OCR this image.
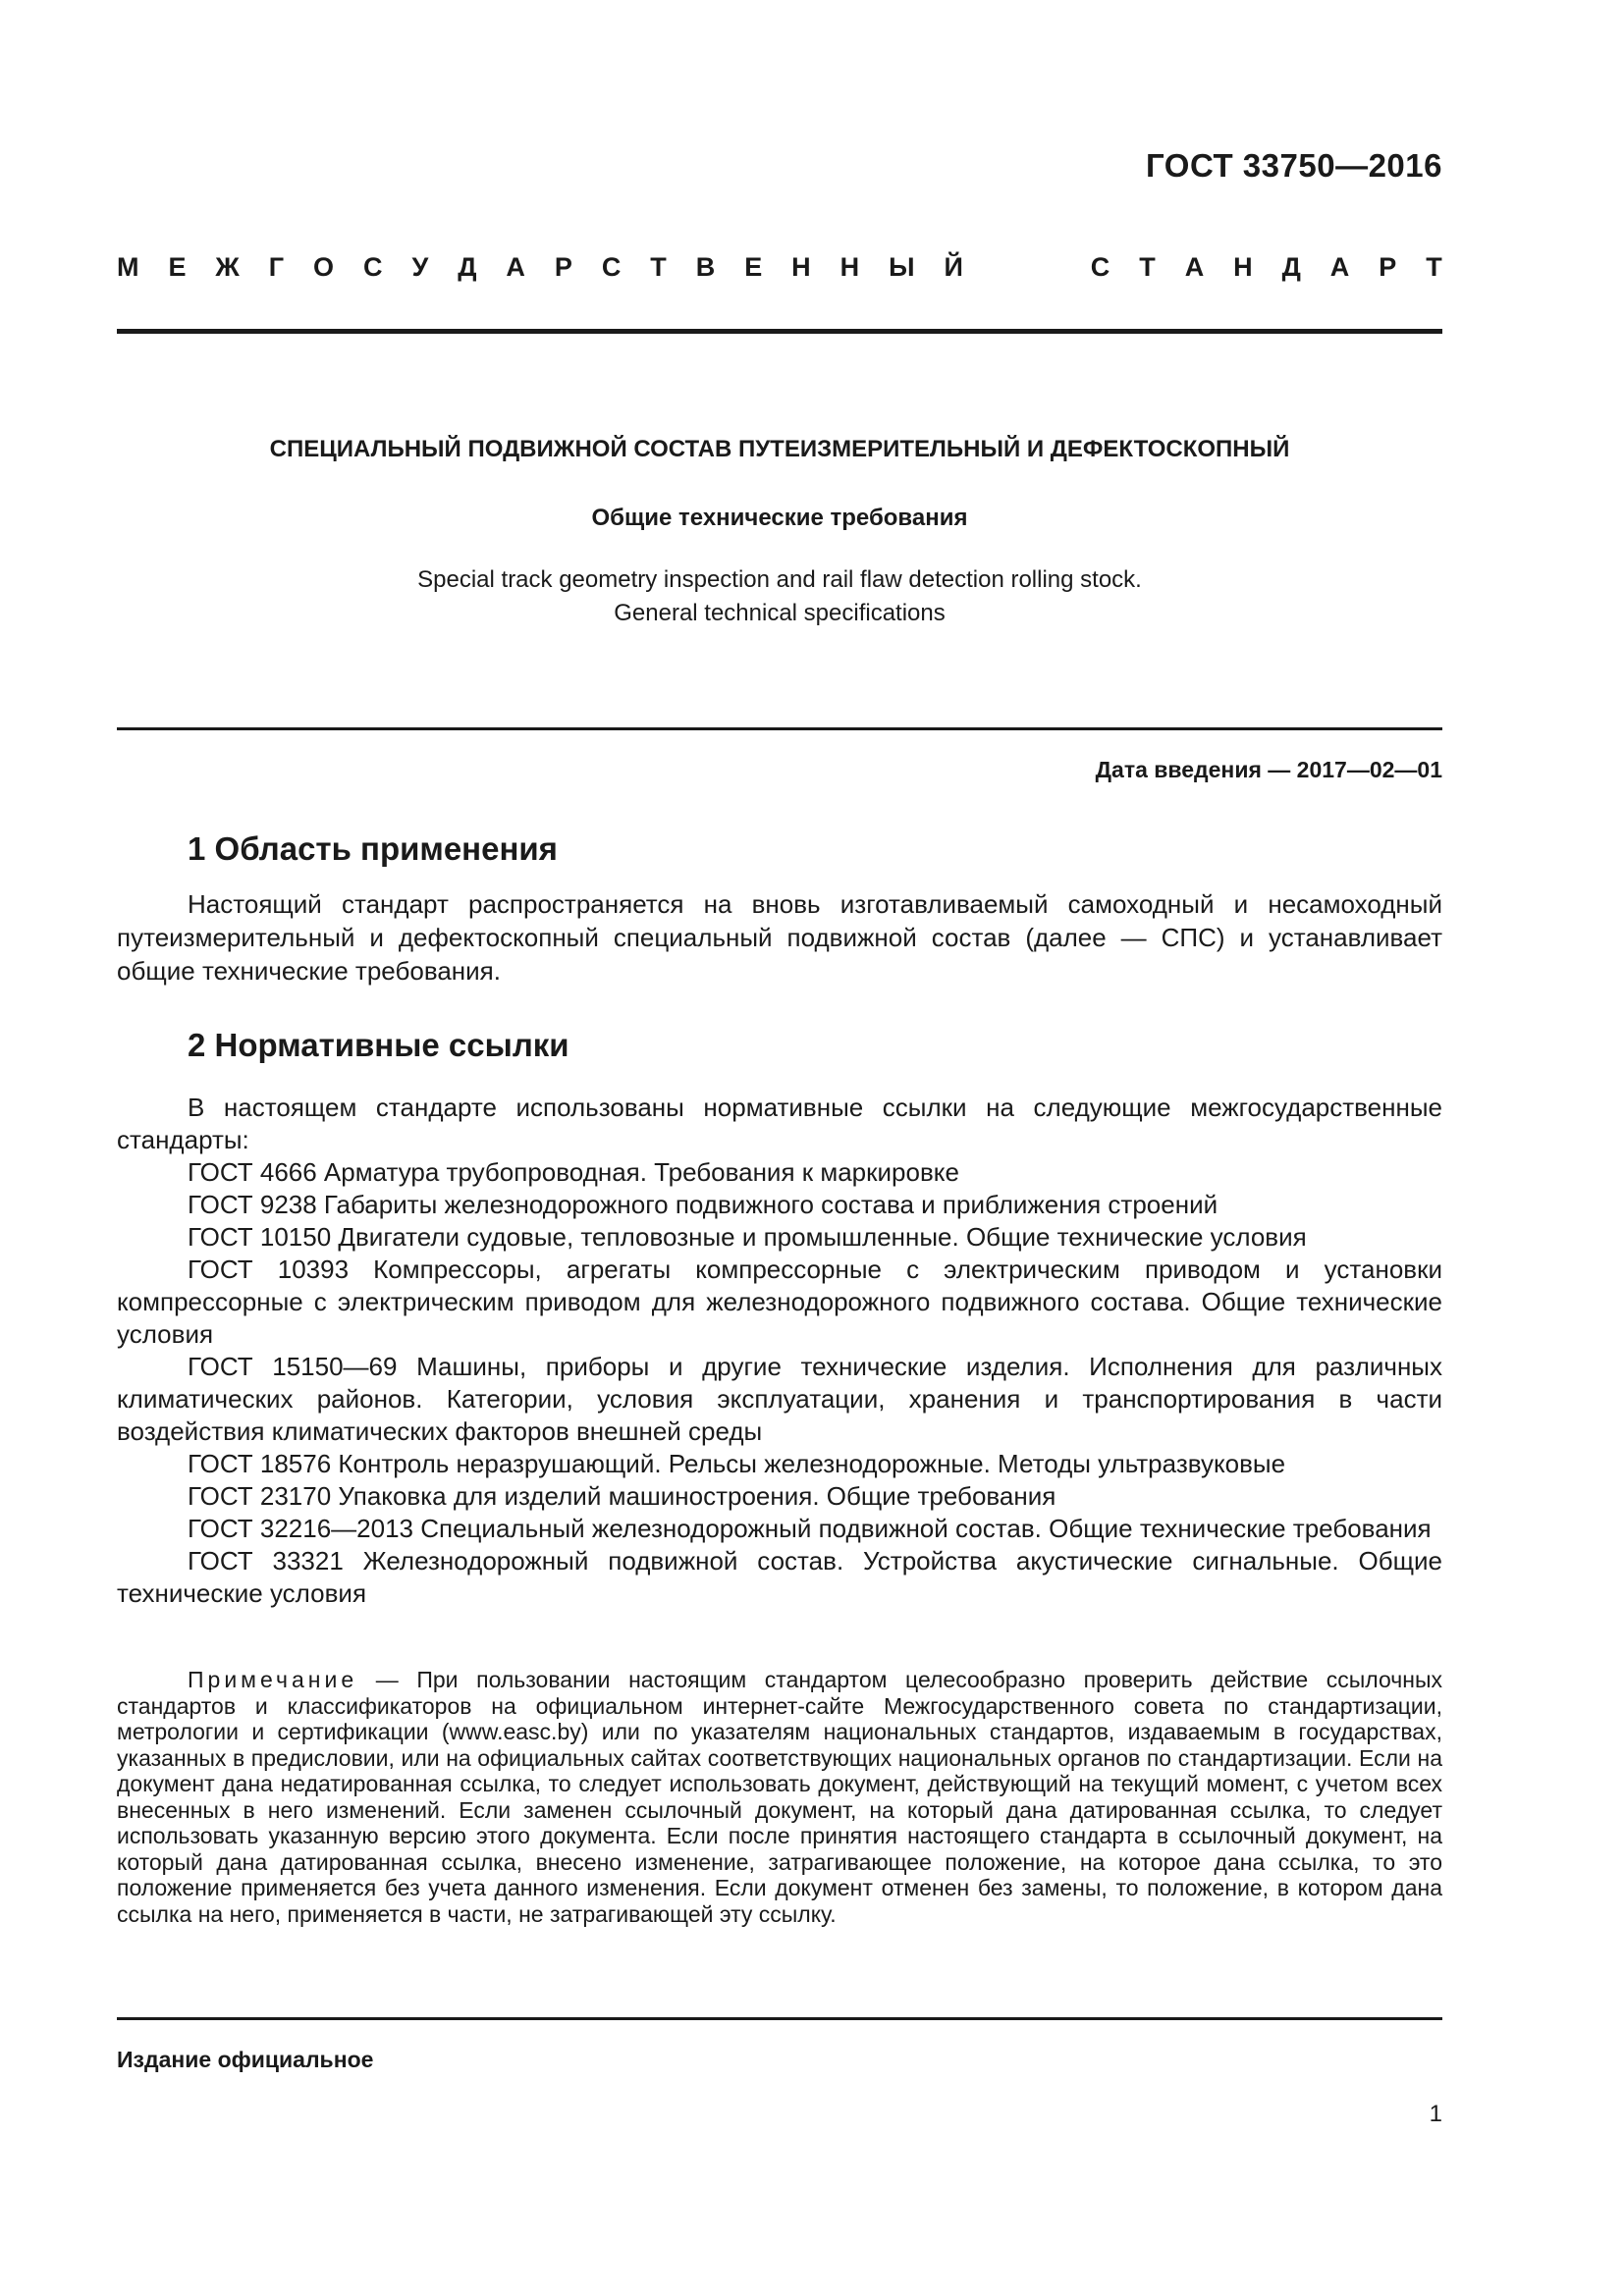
ГОСТ 33750—2016
М Е Ж Г О С У Д А Р С Т В Е Н Н Ы Й	С Т А Н Д А Р Т
СПЕЦИАЛЬНЫЙ ПОДВИЖНОЙ СОСТАВ ПУТЕИЗМЕРИТЕЛЬНЫЙ И ДЕФЕКТОСКОПНЫЙ
Общие технические требования
Special track geometry inspection and rail flaw detection rolling stock.
General technical specifications
Дата введения — 2017—02—01
1 Область применения

Настоящий стандарт распространяется на вновь изготавливаемый самоходный и несамоходный путеизмерительный и дефектоскопный специальный подвижной состав (далее — СПС) и устанавливает общие технические требования.

2 Нормативные ссылки

В настоящем стандарте использованы нормативные ссылки на следующие межгосударственные стандарты:

ГОСТ 4666 Арматура трубопроводная. Требования к маркировке

ГОСТ 9238 Габариты железнодорожного подвижного состава и приближения строений

ГОСТ 10150 Двигатели судовые, тепловозные и промышленные. Общие технические условия

ГОСТ 10393 Компрессоры, агрегаты компрессорные с электрическим приводом и установки компрессорные с электрическим приводом для железнодорожного подвижного состава. Общие технические условия

ГОСТ 15150—69 Машины, приборы и другие технические изделия. Исполнения для различных климатических районов. Категории, условия эксплуатации, хранения и транспортирования в части воздействия климатических факторов внешней среды

ГОСТ 18576 Контроль неразрушающий. Рельсы железнодорожные. Методы ультразвуковые

ГОСТ 23170 Упаковка для изделий машиностроения. Общие требования

ГОСТ 32216—2013 Специальный железнодорожный подвижной состав. Общие технические требования

ГОСТ 33321 Железнодорожный подвижной состав. Устройства акустические сигнальные. Общие технические условия

Примечание — При пользовании настоящим стандартом целесообразно проверить действие ссылочных стандартов и классификаторов на официальном интернет-сайте Межгосударственного совета по стандартизации, метрологии и сертификации (www.easc.by) или по указателям национальных стандартов, издаваемым в государствах, указанных в предисловии, или на официальных сайтах соответствующих национальных органов по стандартизации. Если на документ дана недатированная ссылка, то следует использовать документ, действующий на текущий момент, с учетом всех внесенных в него изменений. Если заменен ссылочный документ, на который дана датированная ссылка, то следует использовать указанную версию этого документа. Если после принятия настоящего стандарта в ссылочный документ, на который дана датированная ссылка, внесено изменение, затрагивающее положение, на которое дана ссылка, то это положение применяется без учета данного изменения. Если документ отменен без замены, то положение, в котором дана ссылка на него, применяется в части, не затрагивающей эту ссылку.

Издание официальное
1
